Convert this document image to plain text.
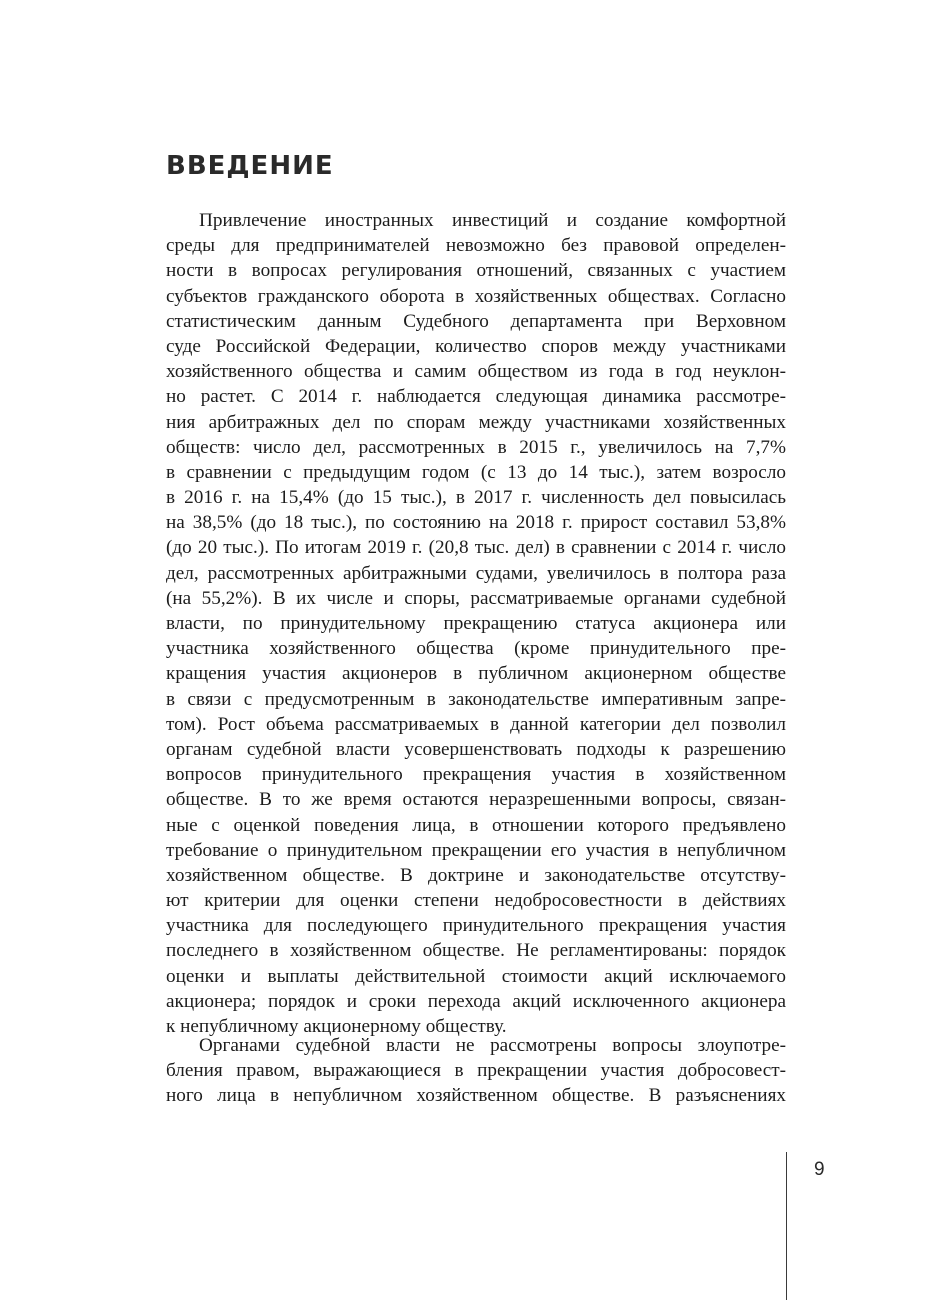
ВВЕДЕНИЕ
Привлечение иностранных инвестиций и создание комфортной
среды для предпринимателей невозможно без правовой определен-
ности в вопросах регулирования отношений, связанных с участием
субъектов гражданского оборота в хозяйственных обществах. Согласно
статистическим данным Судебного департамента при Верховном
суде Российской Федерации, количество споров между участниками
хозяйственного общества и самим обществом из года в год неуклон-
но растет. С 2014 г. наблюдается следующая динамика рассмотре-
ния арбитражных дел по спорам между участниками хозяйственных
обществ: число дел, рассмотренных в 2015 г., увеличилось на 7,7%
в сравнении с предыдущим годом (с 13 до 14 тыс.), затем возросло
в 2016 г. на 15,4% (до 15 тыс.), в 2017 г. численность дел повысилась
на 38,5% (до 18 тыс.), по состоянию на 2018 г. прирост составил 53,8%
(до 20 тыс.). По итогам 2019 г. (20,8 тыс. дел) в сравнении с 2014 г. число
дел, рассмотренных арбитражными судами, увеличилось в полтора раза
(на 55,2%). В их числе и споры, рассматриваемые органами судебной
власти, по принудительному прекращению статуса акционера или
участника хозяйственного общества (кроме принудительного пре-
кращения участия акционеров в публичном акционерном обществе
в связи с предусмотренным в законодательстве императивным запре-
том). Рост объема рассматриваемых в данной категории дел позволил
органам судебной власти усовершенствовать подходы к разрешению
вопросов принудительного прекращения участия в хозяйственном
обществе. В то же время остаются неразрешенными вопросы, связан-
ные с оценкой поведения лица, в отношении которого предъявлено
требование о принудительном прекращении его участия в непубличном
хозяйственном обществе. В доктрине и законодательстве отсутству-
ют критерии для оценки степени недобросовестности в действиях
участника для последующего принудительного прекращения участия
последнего в хозяйственном обществе. Не регламентированы: порядок
оценки и выплаты действительной стоимости акций исключаемого
акционера; порядок и сроки перехода акций исключенного акционера
к непубличному акционерному обществу.
Органами судебной власти не рассмотрены вопросы злоупотре-
бления правом, выражающиеся в прекращении участия добросовест-
ного лица в непубличном хозяйственном обществе. В разъяснениях
9
